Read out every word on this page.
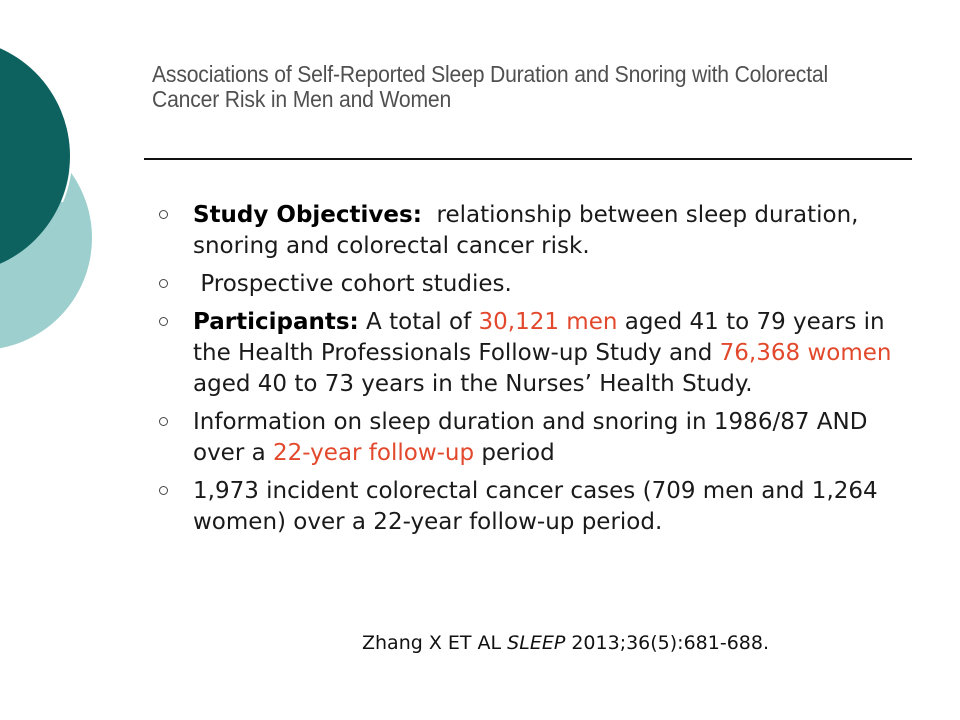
Associations of Self-Reported Sleep Duration and Snoring with Colorectal
Cancer Risk in Men and Women
Study Objectives:  relationship between sleep duration, snoring and colorectal cancer risk.
Prospective cohort studies.
Participants: A total of 30,121 men aged 41 to 79 years in the Health Professionals Follow-up Study and 76,368 women aged 40 to 73 years in the Nurses’ Health Study.
Information on sleep duration and snoring in 1986/87 AND over a 22-year follow-up period
1,973 incident colorectal cancer cases (709 men and 1,264 women) over a 22-year follow-up period.
Zhang X ET AL SLEEP 2013;36(5):681-688.
